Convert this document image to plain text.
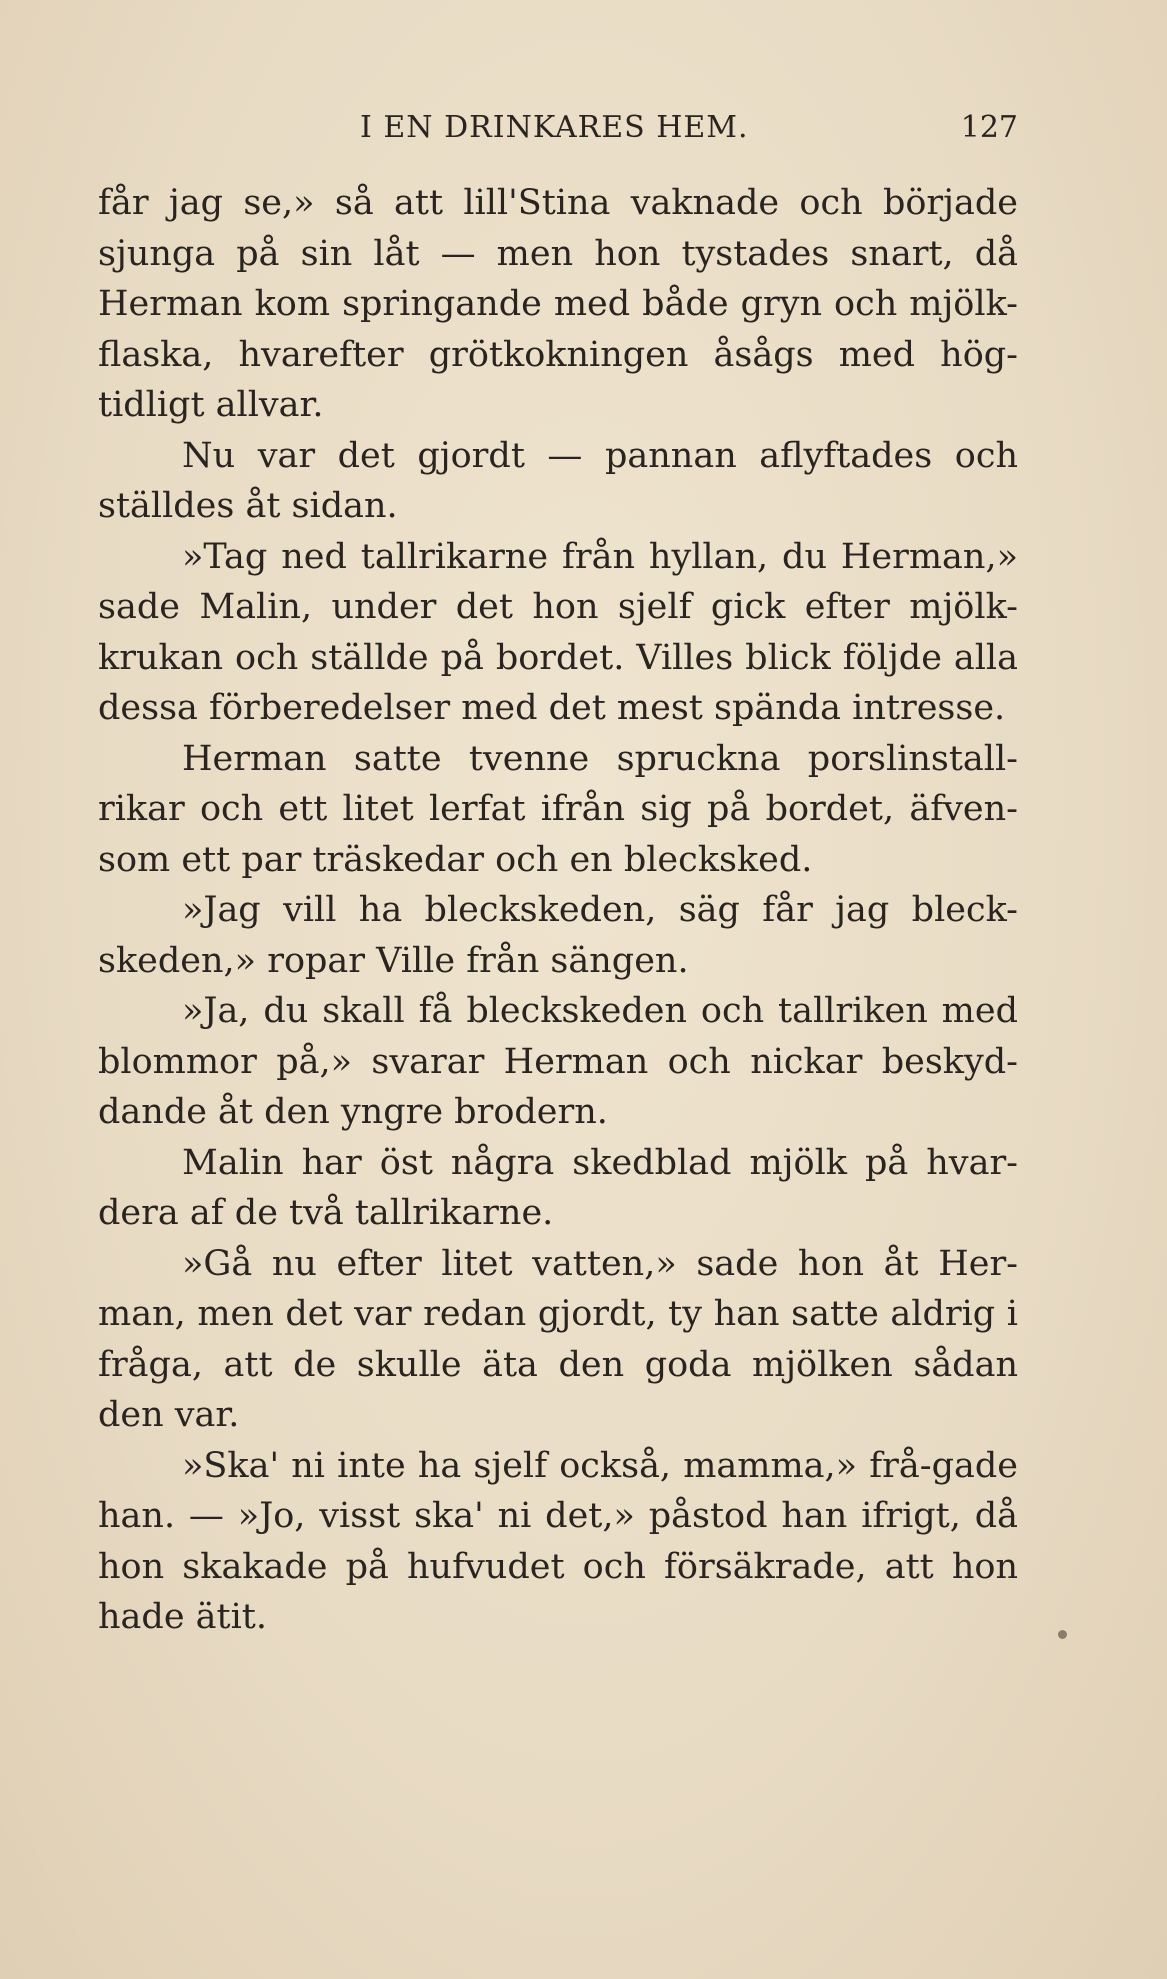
I EN DRINKARES HEM.	127

får jag se,» så att lill'Stina vaknade och började sjunga på sin låt — men hon tystades snart, då Herman kom springande med både gryn och mjölk-flaska, hvarefter grötkokningen åsågs med hög-tidligt allvar.

Nu var det gjordt — pannan aflyftades och ställdes åt sidan.

»Tag ned tallrikarne från hyllan, du Herman,» sade Malin, under det hon sjelf gick efter mjölk-krukan och ställde på bordet. Villes blick följde alla dessa förberedelser med det mest spända intresse.

Herman satte tvenne spruckna porslinstall-rikar och ett litet lerfat ifrån sig på bordet, äfven-som ett par träskedar och en blecksked.

»Jag vill ha bleckskeden, säg får jag bleck-skeden,» ropar Ville från sängen.

»Ja, du skall få bleckskeden och tallriken med blommor på,» svarar Herman och nickar beskyd-dande åt den yngre brodern.

Malin har öst några skedblad mjölk på hvar-dera af de två tallrikarne.

»Gå nu efter litet vatten,» sade hon åt Her-man, men det var redan gjordt, ty han satte aldrig i fråga, att de skulle äta den goda mjölken sådan den var.

»Ska' ni inte ha sjelf också, mamma,» frå-gade han. — »Jo, visst ska' ni det,» påstod han ifrigt, då hon skakade på hufvudet och försäkrade, att hon hade ätit.
